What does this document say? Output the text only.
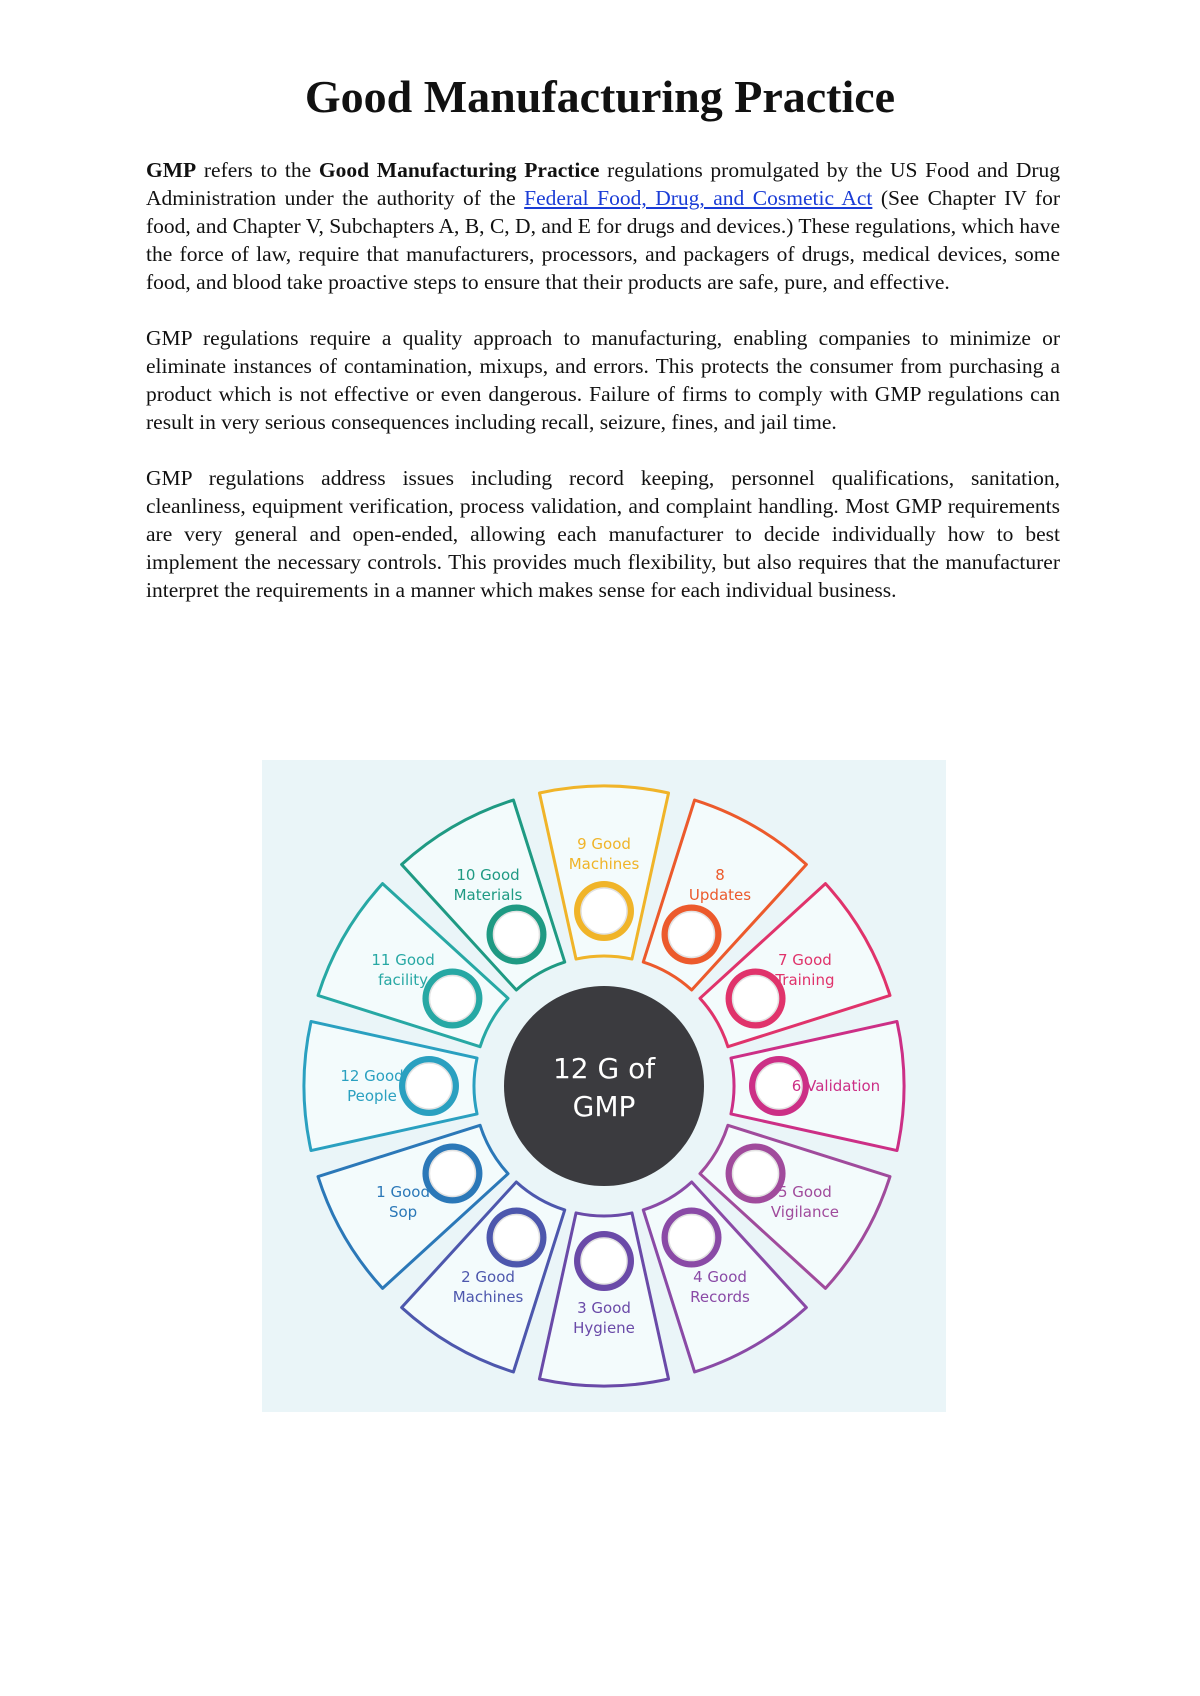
Good Manufacturing Practice

GMP refers to the Good Manufacturing Practice regulations promulgated by the US Food and Drug Administration under the authority of the Federal Food, Drug, and Cosmetic Act (See Chapter IV for food, and Chapter V, Subchapters A, B, C, D, and E for drugs and devices.) These regulations, which have the force of law, require that manufacturers, processors, and packagers of drugs, medical devices, some food, and blood take proactive steps to ensure that their products are safe, pure, and effective.

GMP regulations require a quality approach to manufacturing, enabling companies to minimize or eliminate instances of contamination, mixups, and errors. This protects the consumer from purchasing a product which is not effective or even dangerous. Failure of firms to comply with GMP regulations can result in very serious consequences including recall, seizure, fines, and jail time.

GMP regulations address issues including record keeping, personnel qualifications, sanitation, cleanliness, equipment verification, process validation, and complaint handling. Most GMP requirements are very general and open-ended, allowing each manufacturer to decide individually how to best implement the necessary controls. This provides much flexibility, but also requires that the manufacturer interpret the requirements in a manner which makes sense for each individual business.

9 Good Machines
8 Updates
7 Good Training
6 Validation
5 Good Vigilance
4 Good Records
3 Good Hygiene
2 Good Machines
1 Good Sop
12 Good People
11 Good facility
10 Good Materials
12 G of GMP
